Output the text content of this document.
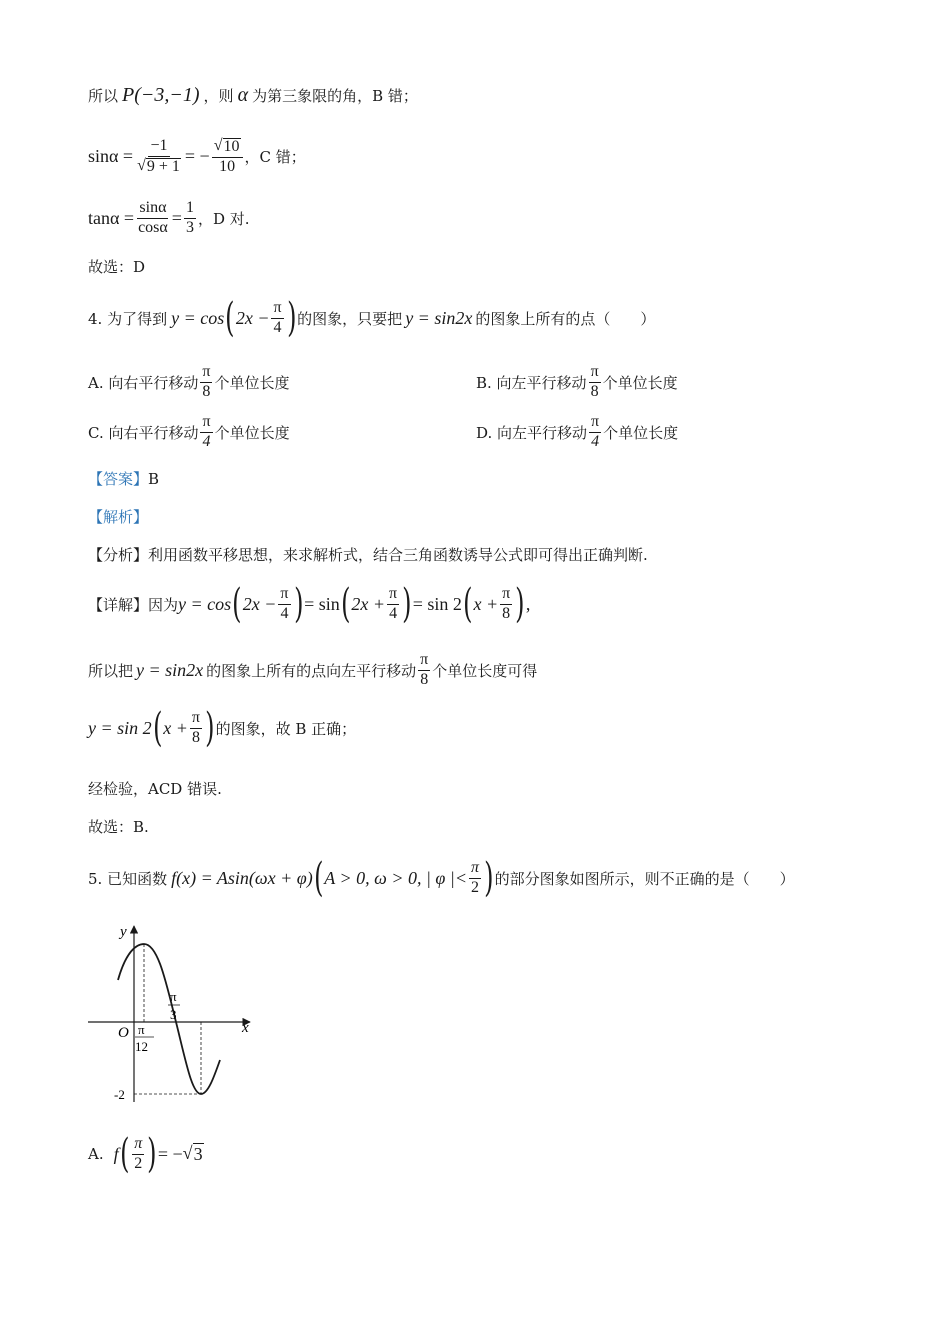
所以 P(−3,−1) ，则 α 为第三象限的角，B 错；
$\sin\alpha = \frac{-1}{√ 9 + 1}$ = − $\frac{√ 10}{10}$ ，C 错；
$\tan\alpha = \frac{\sin\alpha}{\cos\alpha} = \frac{1}{3}$ ，D 对.
故选：D
4. 为了得到 y = cos ( $2x - \frac{\pi}{4}$ ) 的图象，只要把 y = sin2x 的图象上所有的点（　　）
A. 向右平行移动 $\frac{\pi}{8}$ 个单位长度	B. 向左平行移动 $\frac{\pi}{8}$ 个单位长度
C. 向右平行移动 $\frac{\pi}{4}$ 个单位长度	D. 向左平行移动 $\frac{\pi}{4}$ 个单位长度
【答案】 B
【解析】
【分析】 利用函数平移思想，来求解析式，结合三角函数诱导公式即可得出正确判断.
【详解】 因为 y = cos ( $2x - \frac{\pi}{4}$ ) = sin ( $2x + \frac{\pi}{4}$ ) = sin 2 ( $x + \frac{\pi}{8}$ ) ,
所以把 y = sin2x 的图象上所有的点向左平行移动 $\frac{\pi}{8}$ 个单位长度可得
y = sin 2 ( $x + \frac{\pi}{8}$ ) 的图象，故 B 正确；
经检验，ACD 错误.
故选：B.
5. 已知函数 f(x) = Asin(ωx + φ) ( A > 0, ω > 0, | φ |< $\frac{\pi}{2}$ ) 的部分图象如图所示，则不正确的是（　　）
y
x
O π
12
π
3
-2
A. f ( $\frac{\pi}{2}$ ) = − √ 3
